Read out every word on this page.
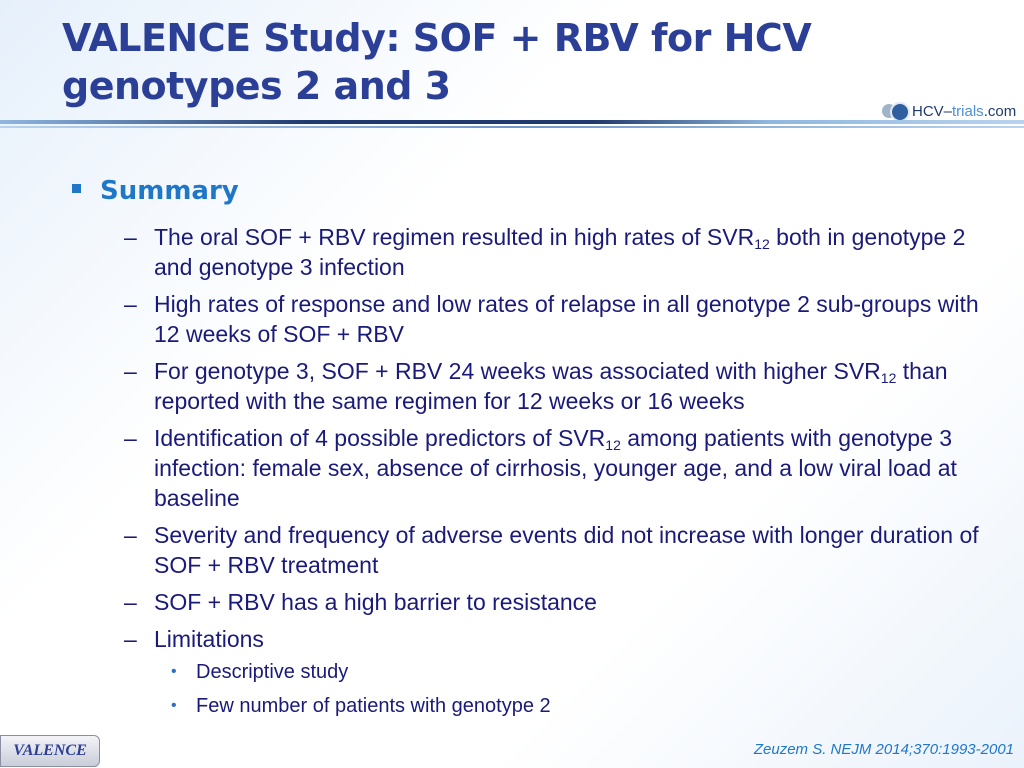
VALENCE Study: SOF + RBV for HCV
genotypes 2 and 3
HCV – trials .com
Summary
– The oral SOF + RBV regimen resulted in high rates of $SVR_{12}$ both in genotype 2 and genotype 3 infection
– High rates of response and low rates of relapse in all genotype 2 sub-groups with 12 weeks of SOF + RBV
– For genotype 3, SOF + RBV 24 weeks was associated with higher $SVR_{12}$ than reported with the same regimen for 12 weeks or 16 weeks
– Identification of 4 possible predictors of $SVR_{12}$ among patients with genotype 3 infection: female sex, absence of cirrhosis, younger age, and a low viral load at baseline
– Severity and frequency of adverse events did not increase with longer duration of SOF + RBV treatment
– SOF + RBV has a high barrier to resistance
– Limitations
• Descriptive study
• Few number of patients with genotype 2
VALENCE	Zeuzem S. NEJM 2014;370:1993-2001
